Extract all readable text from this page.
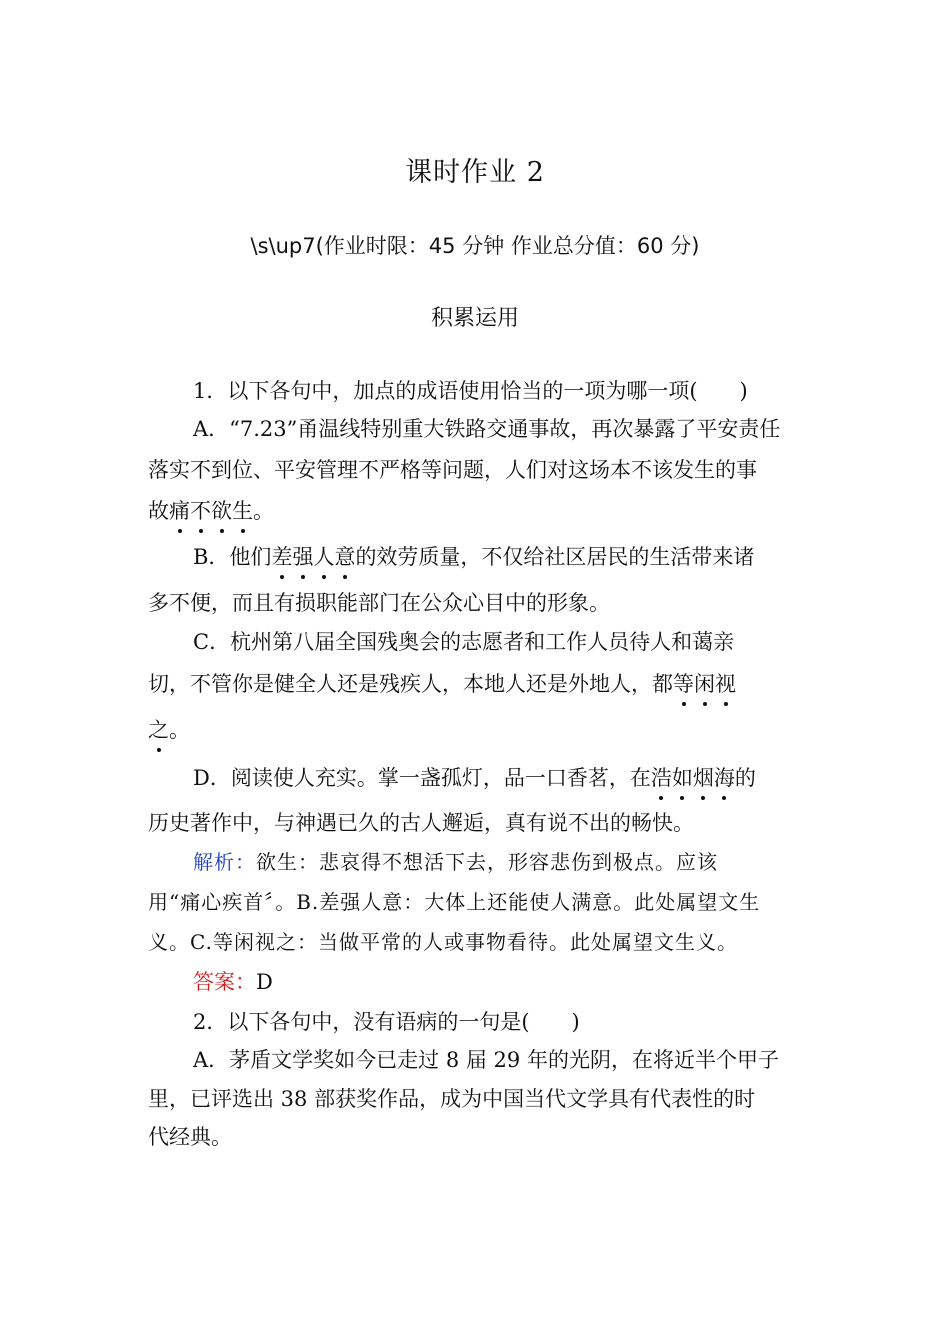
课时作业 2
\s\up7(作业时限：45 分钟 作业总分值：60 分)
积累运用
1．以下各句中，加点的成语使用恰当的一项为哪一项(　　)
A．“7.23”甬温线特别重大铁路交通事故，再次暴露了平安责任
落实不到位、平安管理不严格等问题，人们对这场本不该发生的事
故痛不欲生。
B．他们差强人意的效劳质量，不仅给社区居民的生活带来诸
多不便，而且有损职能部门在公众心目中的形象。
C．杭州第八届全国残奥会的志愿者和工作人员待人和蔼亲
切，不管你是健全人还是残疾人，本地人还是外地人，都等闲视
之。
D．阅读使人充实。掌一盏孤灯，品一口香茗，在浩如烟海的
历史著作中，与神遇已久的古人邂逅，真有说不出的畅快。
解析：欲生：悲哀得不想活下去，形容悲伤到极点。应该
用“痛心疾首〞。B.差强人意：大体上还能使人满意。此处属望文生
义。C.等闲视之：当做平常的人或事物看待。此处属望文生义。
答案：D
2．以下各句中，没有语病的一句是(　　)
A．茅盾文学奖如今已走过 8 届 29 年的光阴，在将近半个甲子
里，已评选出 38 部获奖作品，成为中国当代文学具有代表性的时
代经典。
